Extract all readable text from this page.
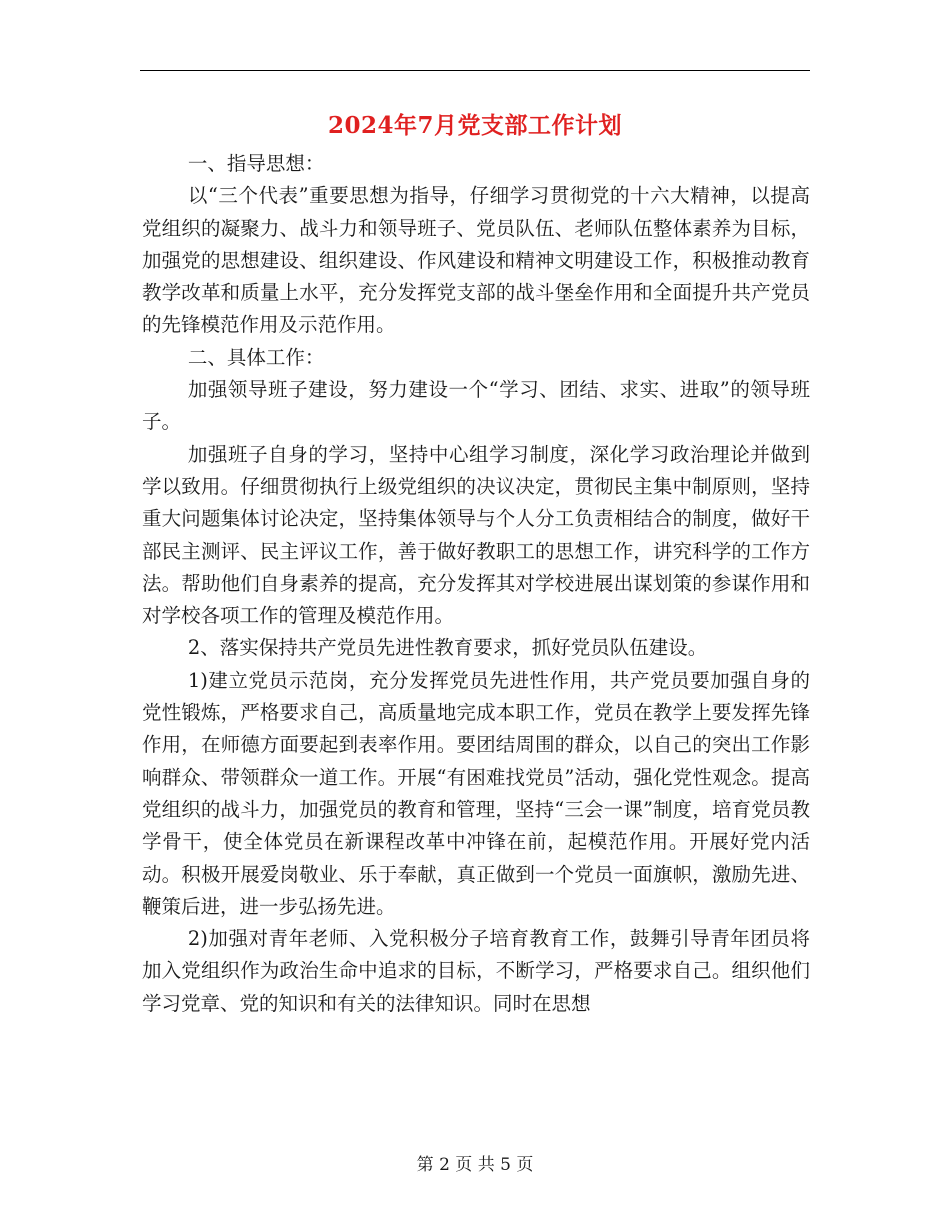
2024年7月党支部工作计划

一、指导思想：

以“三个代表”重要思想为指导，仔细学习贯彻党的十六大精神，以提高党组织的凝聚力、战斗力和领导班子、党员队伍、老师队伍整体素养为目标，加强党的思想建设、组织建设、作风建设和精神文明建设工作，积极推动教育教学改革和质量上水平，充分发挥党支部的战斗堡垒作用和全面提升共产党员的先锋模范作用及示范作用。

二、具体工作：

加强领导班子建设，努力建设一个“学习、团结、求实、进取”的领导班子。

加强班子自身的学习，坚持中心组学习制度，深化学习政治理论并做到学以致用。仔细贯彻执行上级党组织的决议决定，贯彻民主集中制原则，坚持重大问题集体讨论决定，坚持集体领导与个人分工负责相结合的制度，做好干部民主测评、民主评议工作，善于做好教职工的思想工作，讲究科学的工作方法。帮助他们自身素养的提高，充分发挥其对学校进展出谋划策的参谋作用和对学校各项工作的管理及模范作用。

2、落实保持共产党员先进性教育要求，抓好党员队伍建设。

1)建立党员示范岗，充分发挥党员先进性作用，共产党员要加强自身的党性锻炼，严格要求自己，高质量地完成本职工作，党员在教学上要发挥先锋作用，在师德方面要起到表率作用。要团结周围的群众，以自己的突出工作影响群众、带领群众一道工作。开展“有困难找党员”活动，强化党性观念。提高党组织的战斗力，加强党员的教育和管理，坚持“三会一课”制度，培育党员教学骨干，使全体党员在新课程改革中冲锋在前，起模范作用。开展好党内活动。积极开展爱岗敬业、乐于奉献，真正做到一个党员一面旗帜，激励先进、鞭策后进，进一步弘扬先进。

2)加强对青年老师、入党积极分子培育教育工作，鼓舞引导青年团员将加入党组织作为政治生命中追求的目标，不断学习，严格要求自己。组织他们学习党章、党的知识和有关的法律知识。同时在思想

第 2 页 共 5 页
